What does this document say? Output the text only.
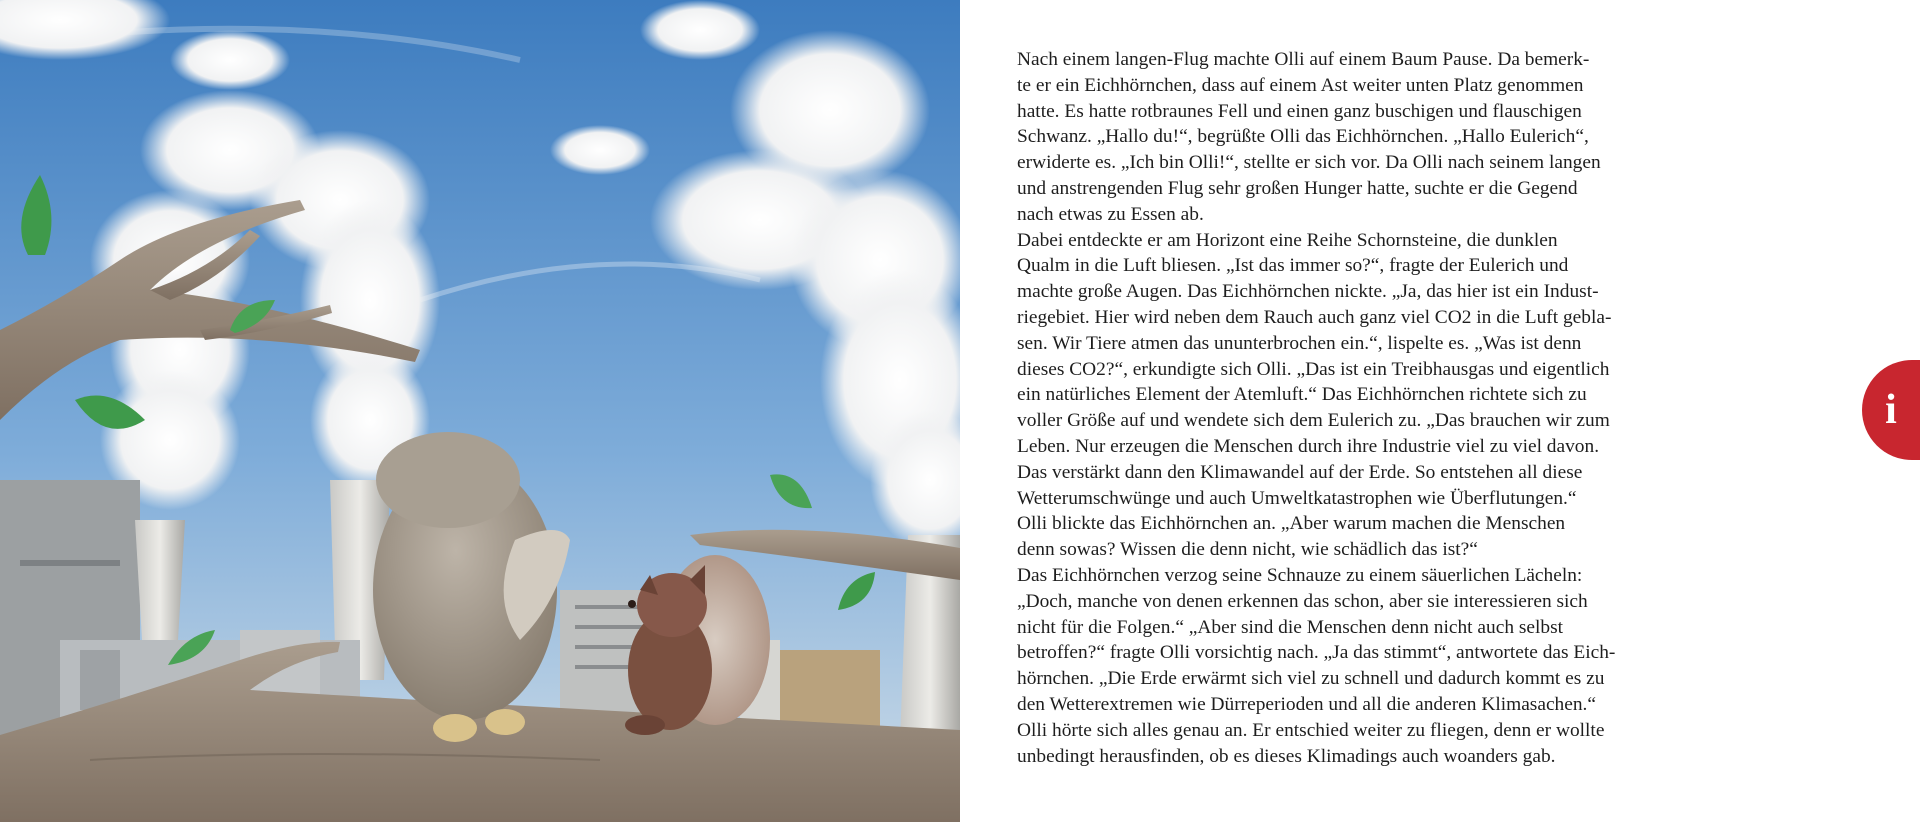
Nach einem langen-Flug machte Olli auf einem Baum Pause. Da bemerk-
te er ein Eichhörnchen, dass auf einem Ast weiter unten Platz genommen
hatte. Es hatte rotbraunes Fell und einen ganz buschigen und flauschigen
Schwanz. „Hallo du!“, begrüßte Olli das Eichhörnchen. „Hallo Eulerich“,
erwiderte es. „Ich bin Olli!“, stellte er sich vor. Da Olli nach seinem langen
und anstrengenden Flug sehr großen Hunger hatte, suchte er die Gegend
nach etwas zu Essen ab.

Dabei entdeckte er am Horizont eine Reihe Schornsteine, die dunklen
Qualm in die Luft bliesen. „Ist das immer so?“, fragte der Eulerich und
machte große Augen. Das Eichhörnchen nickte. „Ja, das hier ist ein Indust-
riegebiet. Hier wird neben dem Rauch auch ganz viel CO2 in die Luft gebla-
sen. Wir Tiere atmen das ununterbrochen ein.“, lispelte es. „Was ist denn
dieses CO2?“, erkundigte sich Olli. „Das ist ein Treibhausgas und eigentlich
ein natürliches Element der Atemluft.“ Das Eichhörnchen richtete sich zu
voller Größe auf und wendete sich dem Eulerich zu. „Das brauchen wir zum
Leben. Nur erzeugen die Menschen durch ihre Industrie viel zu viel davon.
Das verstärkt dann den Klimawandel auf der Erde. So entstehen all diese
Wetterumschwünge und auch Umweltkatastrophen wie Überflutungen.“
Olli blickte das Eichhörnchen an. „Aber warum machen die Menschen
denn sowas? Wissen die denn nicht, wie schädlich das ist?“

Das Eichhörnchen verzog seine Schnauze zu einem säuerlichen Lächeln:
„Doch, manche von denen erkennen das schon, aber sie interessieren sich
nicht für die Folgen.“ „Aber sind die Menschen denn nicht auch selbst
betroffen?“ fragte Olli vorsichtig nach. „Ja das stimmt“, antwortete das Eich-
hörnchen. „Die Erde erwärmt sich viel zu schnell und dadurch kommt es zu
den Wetterextremen wie Dürreperioden und all die anderen Klimasachen.“
Olli hörte sich alles genau an. Er entschied weiter zu fliegen, denn er wollte
unbedingt herausfinden, ob es dieses Klimadings auch woanders gab.

i
